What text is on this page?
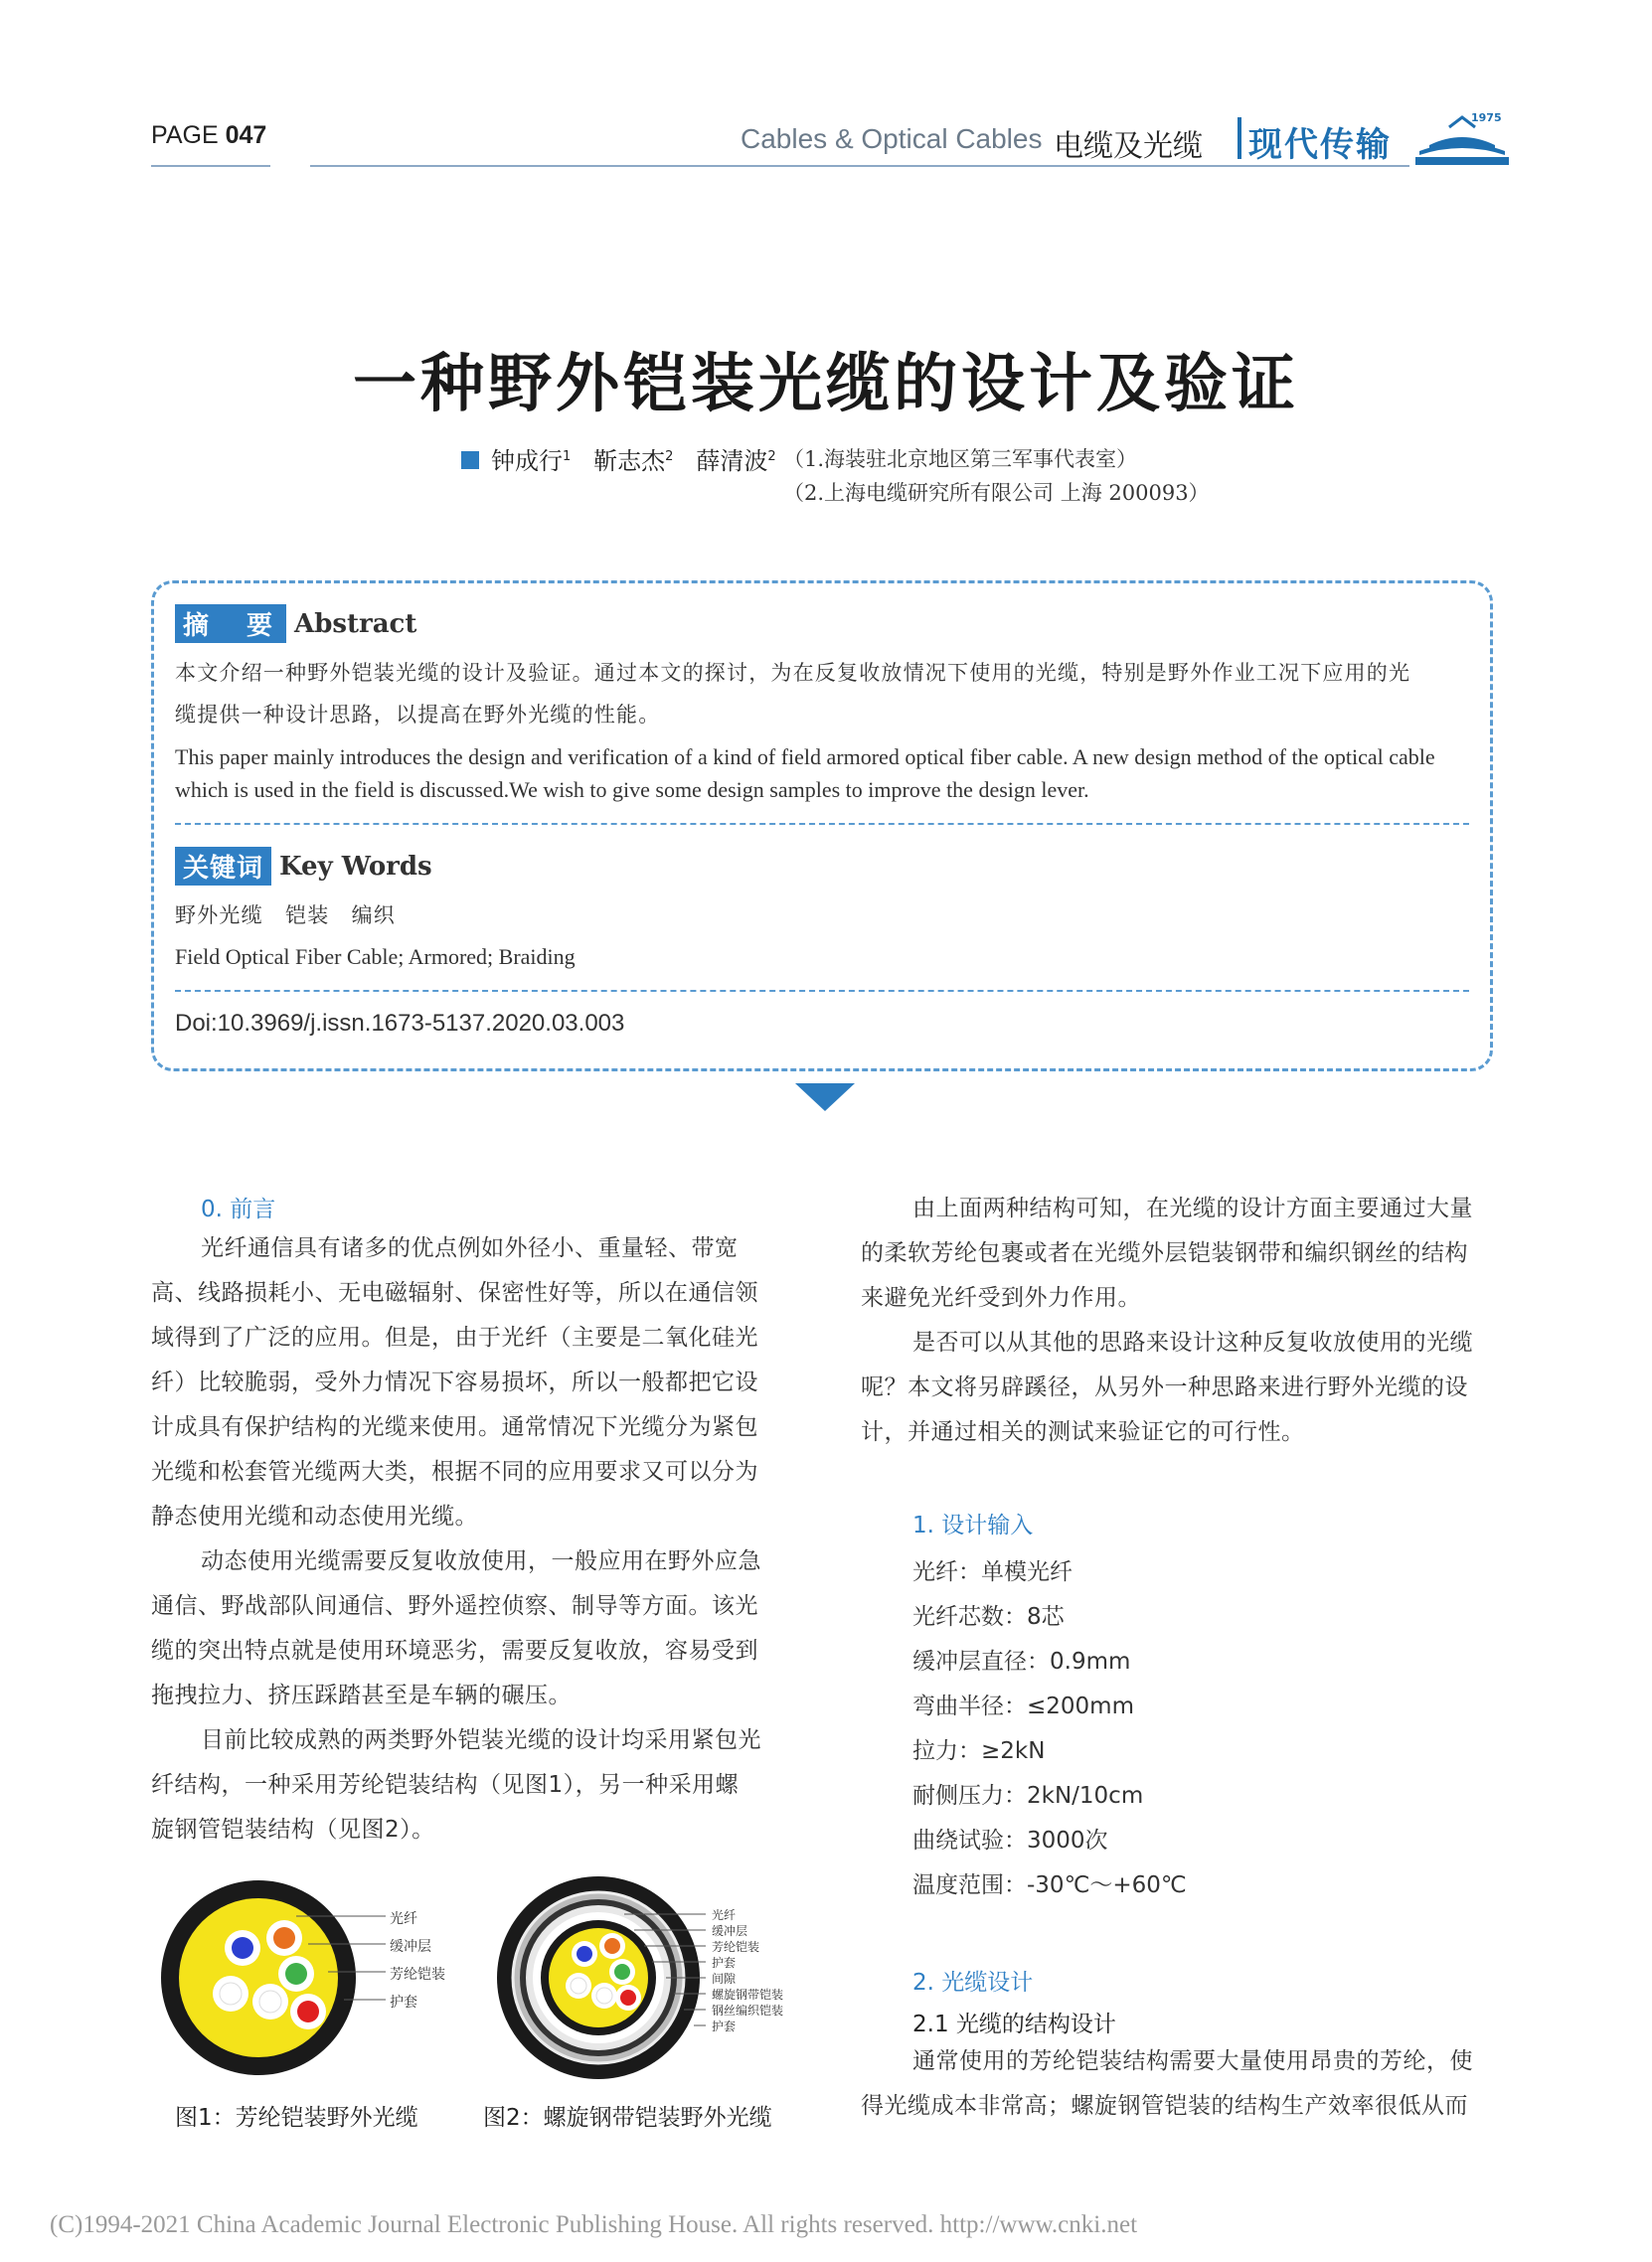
PAGE 047	Cables & Optical Cables 电缆及光缆 现代传输
1975
一种野外铠装光缆的设计及验证
钟成行$^1$ 靳志杰$^2$ 薛清波$^2$ （1.海装驻北京地区第三军事代表室）
（2.上海电缆研究所有限公司 上海 200093）
摘　要 Abstract
本文介绍一种野外铠装光缆的设计及验证。通过本文的探讨，为在反复收放情况下使用的光缆，特别是野外作业工况下应用的光
缆提供一种设计思路，以提高在野外光缆的性能。
This paper mainly introduces the design and verification of a kind of field armored optical fiber cable. A new design method of the optical cable
which is used in the field is discussed.We wish to give some design samples to improve the design lever.
关键词 Key Words
野外光缆　铠装　编织
Field Optical Fiber Cable; Armored; Braiding
Doi:10.3969/j.issn.1673-5137.2020.03.003
0. 前言
光纤通信具有诸多的优点例如外径小、重量轻、带宽
高、线路损耗小、无电磁辐射、保密性好等，所以在通信领
域得到了广泛的应用。但是，由于光纤（主要是二氧化硅光
纤）比较脆弱，受外力情况下容易损坏，所以一般都把它设
计成具有保护结构的光缆来使用。通常情况下光缆分为紧包
光缆和松套管光缆两大类，根据不同的应用要求又可以分为
静态使用光缆和动态使用光缆。
动态使用光缆需要反复收放使用，一般应用在野外应急
通信、野战部队间通信、野外遥控侦察、制导等方面。该光
缆的突出特点就是使用环境恶劣，需要反复收放，容易受到
拖拽拉力、挤压踩踏甚至是车辆的碾压。
目前比较成熟的两类野外铠装光缆的设计均采用紧包光
纤结构，一种采用芳纶铠装结构（见图1），另一种采用螺
旋钢管铠装结构（见图2）。
光纤
缓冲层
芳纶铠装
护套
图1：芳纶铠装野外光缆
光纤
缓冲层
芳纶铠装
护套
间隙
螺旋钢带铠装
钢丝编织铠装
护套
图2：螺旋钢带铠装野外光缆
由上面两种结构可知，在光缆的设计方面主要通过大量
的柔软芳纶包裹或者在光缆外层铠装钢带和编织钢丝的结构
来避免光纤受到外力作用。
是否可以从其他的思路来设计这种反复收放使用的光缆
呢？本文将另辟蹊径，从另外一种思路来进行野外光缆的设
计，并通过相关的测试来验证它的可行性。
1. 设计输入
光纤：单模光纤
光纤芯数：8芯
缓冲层直径：0.9mm
弯曲半径：≤200mm
拉力：≥2kN
耐侧压力：2kN/10cm
曲绕试验：3000次
温度范围：-30℃～+60℃
2. 光缆设计
2.1 光缆的结构设计
通常使用的芳纶铠装结构需要大量使用昂贵的芳纶，使
得光缆成本非常高；螺旋钢管铠装的结构生产效率很低从而
(C)1994-2021 China Academic Journal Electronic Publishing House. All rights reserved. http://www.cnki.net
